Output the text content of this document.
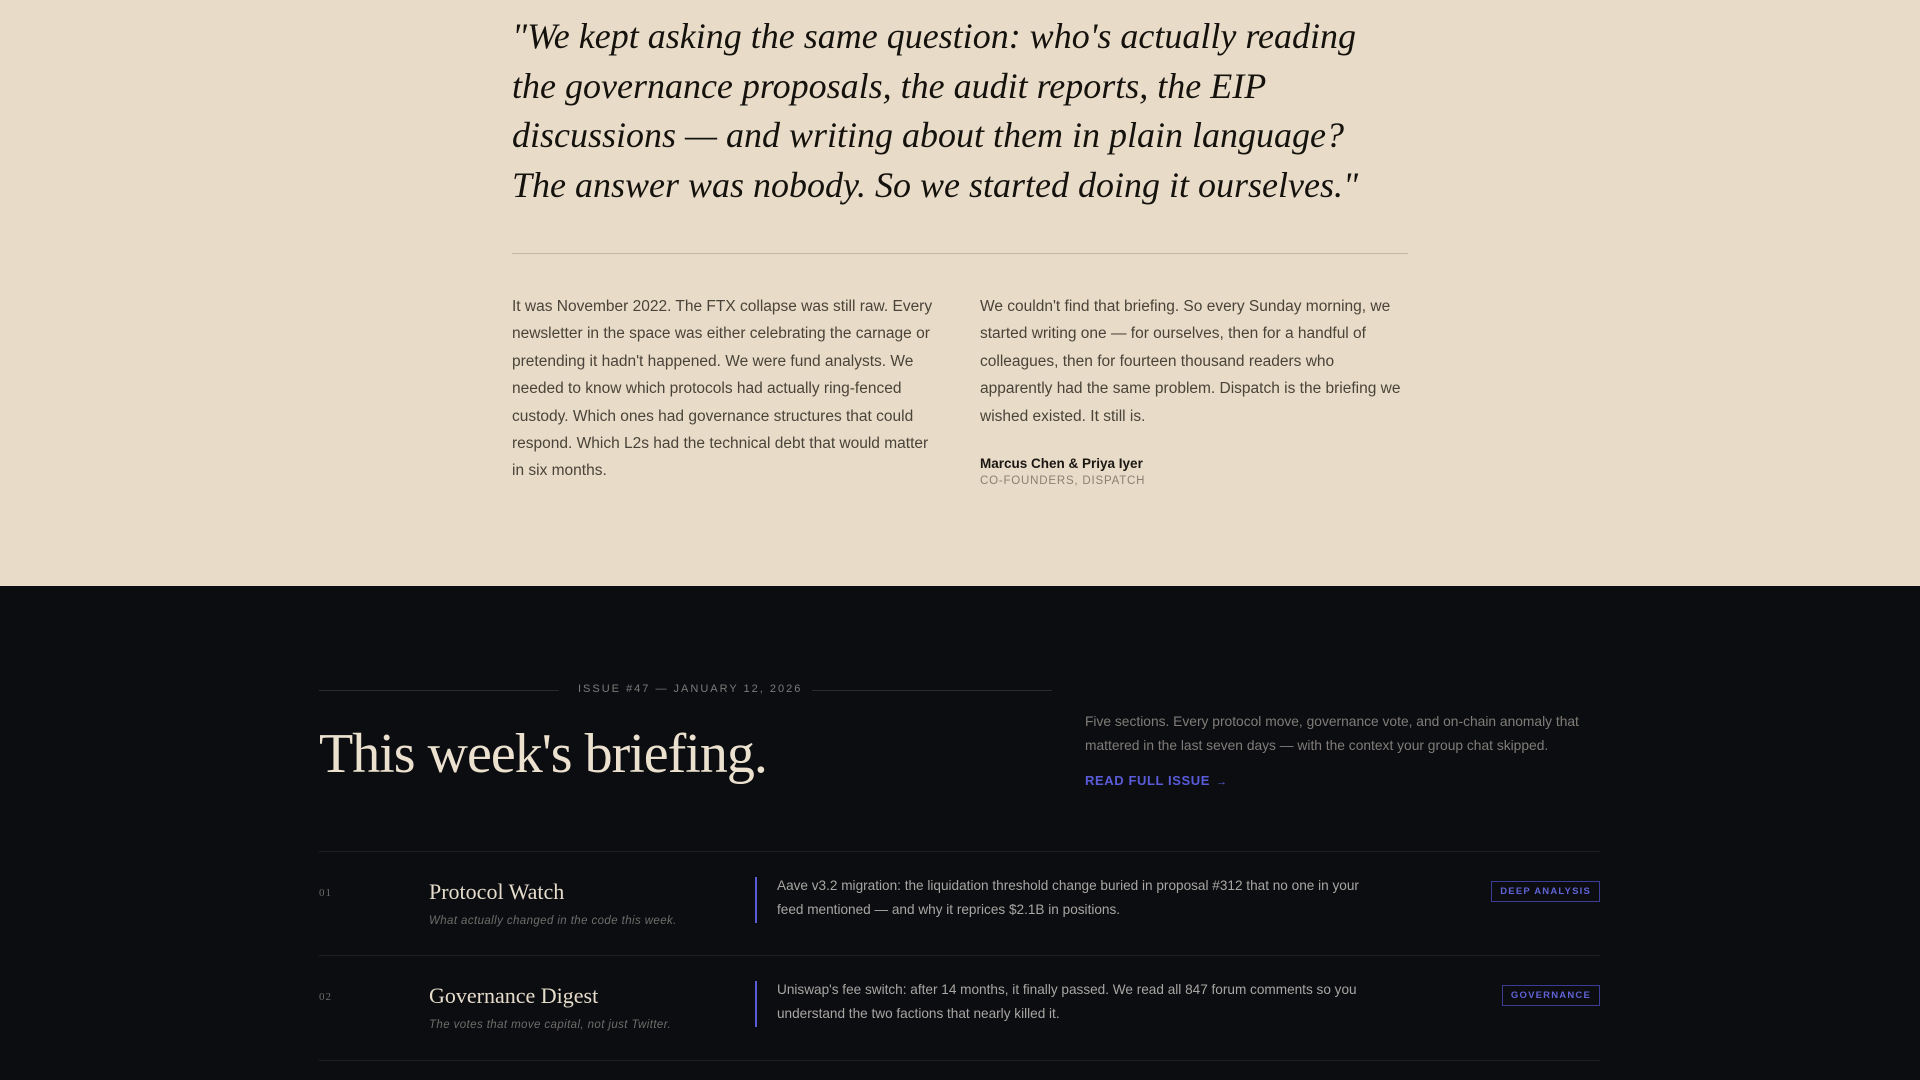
"We kept asking the same question: who's actually reading the governance proposals, the audit reports, the EIP discussions — and writing about them in plain language? The answer was nobody. So we started doing it ourselves."

It was November 2022. The FTX collapse was still raw. Every newsletter in the space was either celebrating the carnage or pretending it hadn't happened. We were fund analysts. We needed to know which protocols had actually ring-fenced custody. Which ones had governance structures that could respond. Which L2s had the technical debt that would matter in six months.

We couldn't find that briefing. So every Sunday morning, we started writing one — for ourselves, then for a handful of colleagues, then for fourteen thousand readers who apparently had the same problem. Dispatch is the briefing we wished existed. It still is.

Marcus Chen & Priya Iyer
CO-FOUNDERS, DISPATCH
ISSUE #47 — JANUARY 12, 2026
This week's briefing.

Five sections. Every protocol move, governance vote, and on-chain anomaly that mattered in the last seven days — with the context your group chat skipped.

READ FULL ISSUE →
01	Protocol Watch
What actually changed in the code this week.

Aave v3.2 migration: the liquidation threshold change buried in proposal #312 that no one in your feed mentioned — and why it reprices $2.1B in positions.

DEEP ANALYSIS
02	Governance Digest
The votes that move capital, not just Twitter.

Uniswap's fee switch: after 14 months, it finally passed. We read all 847 forum comments so you understand the two factions that nearly killed it.

GOVERNANCE
